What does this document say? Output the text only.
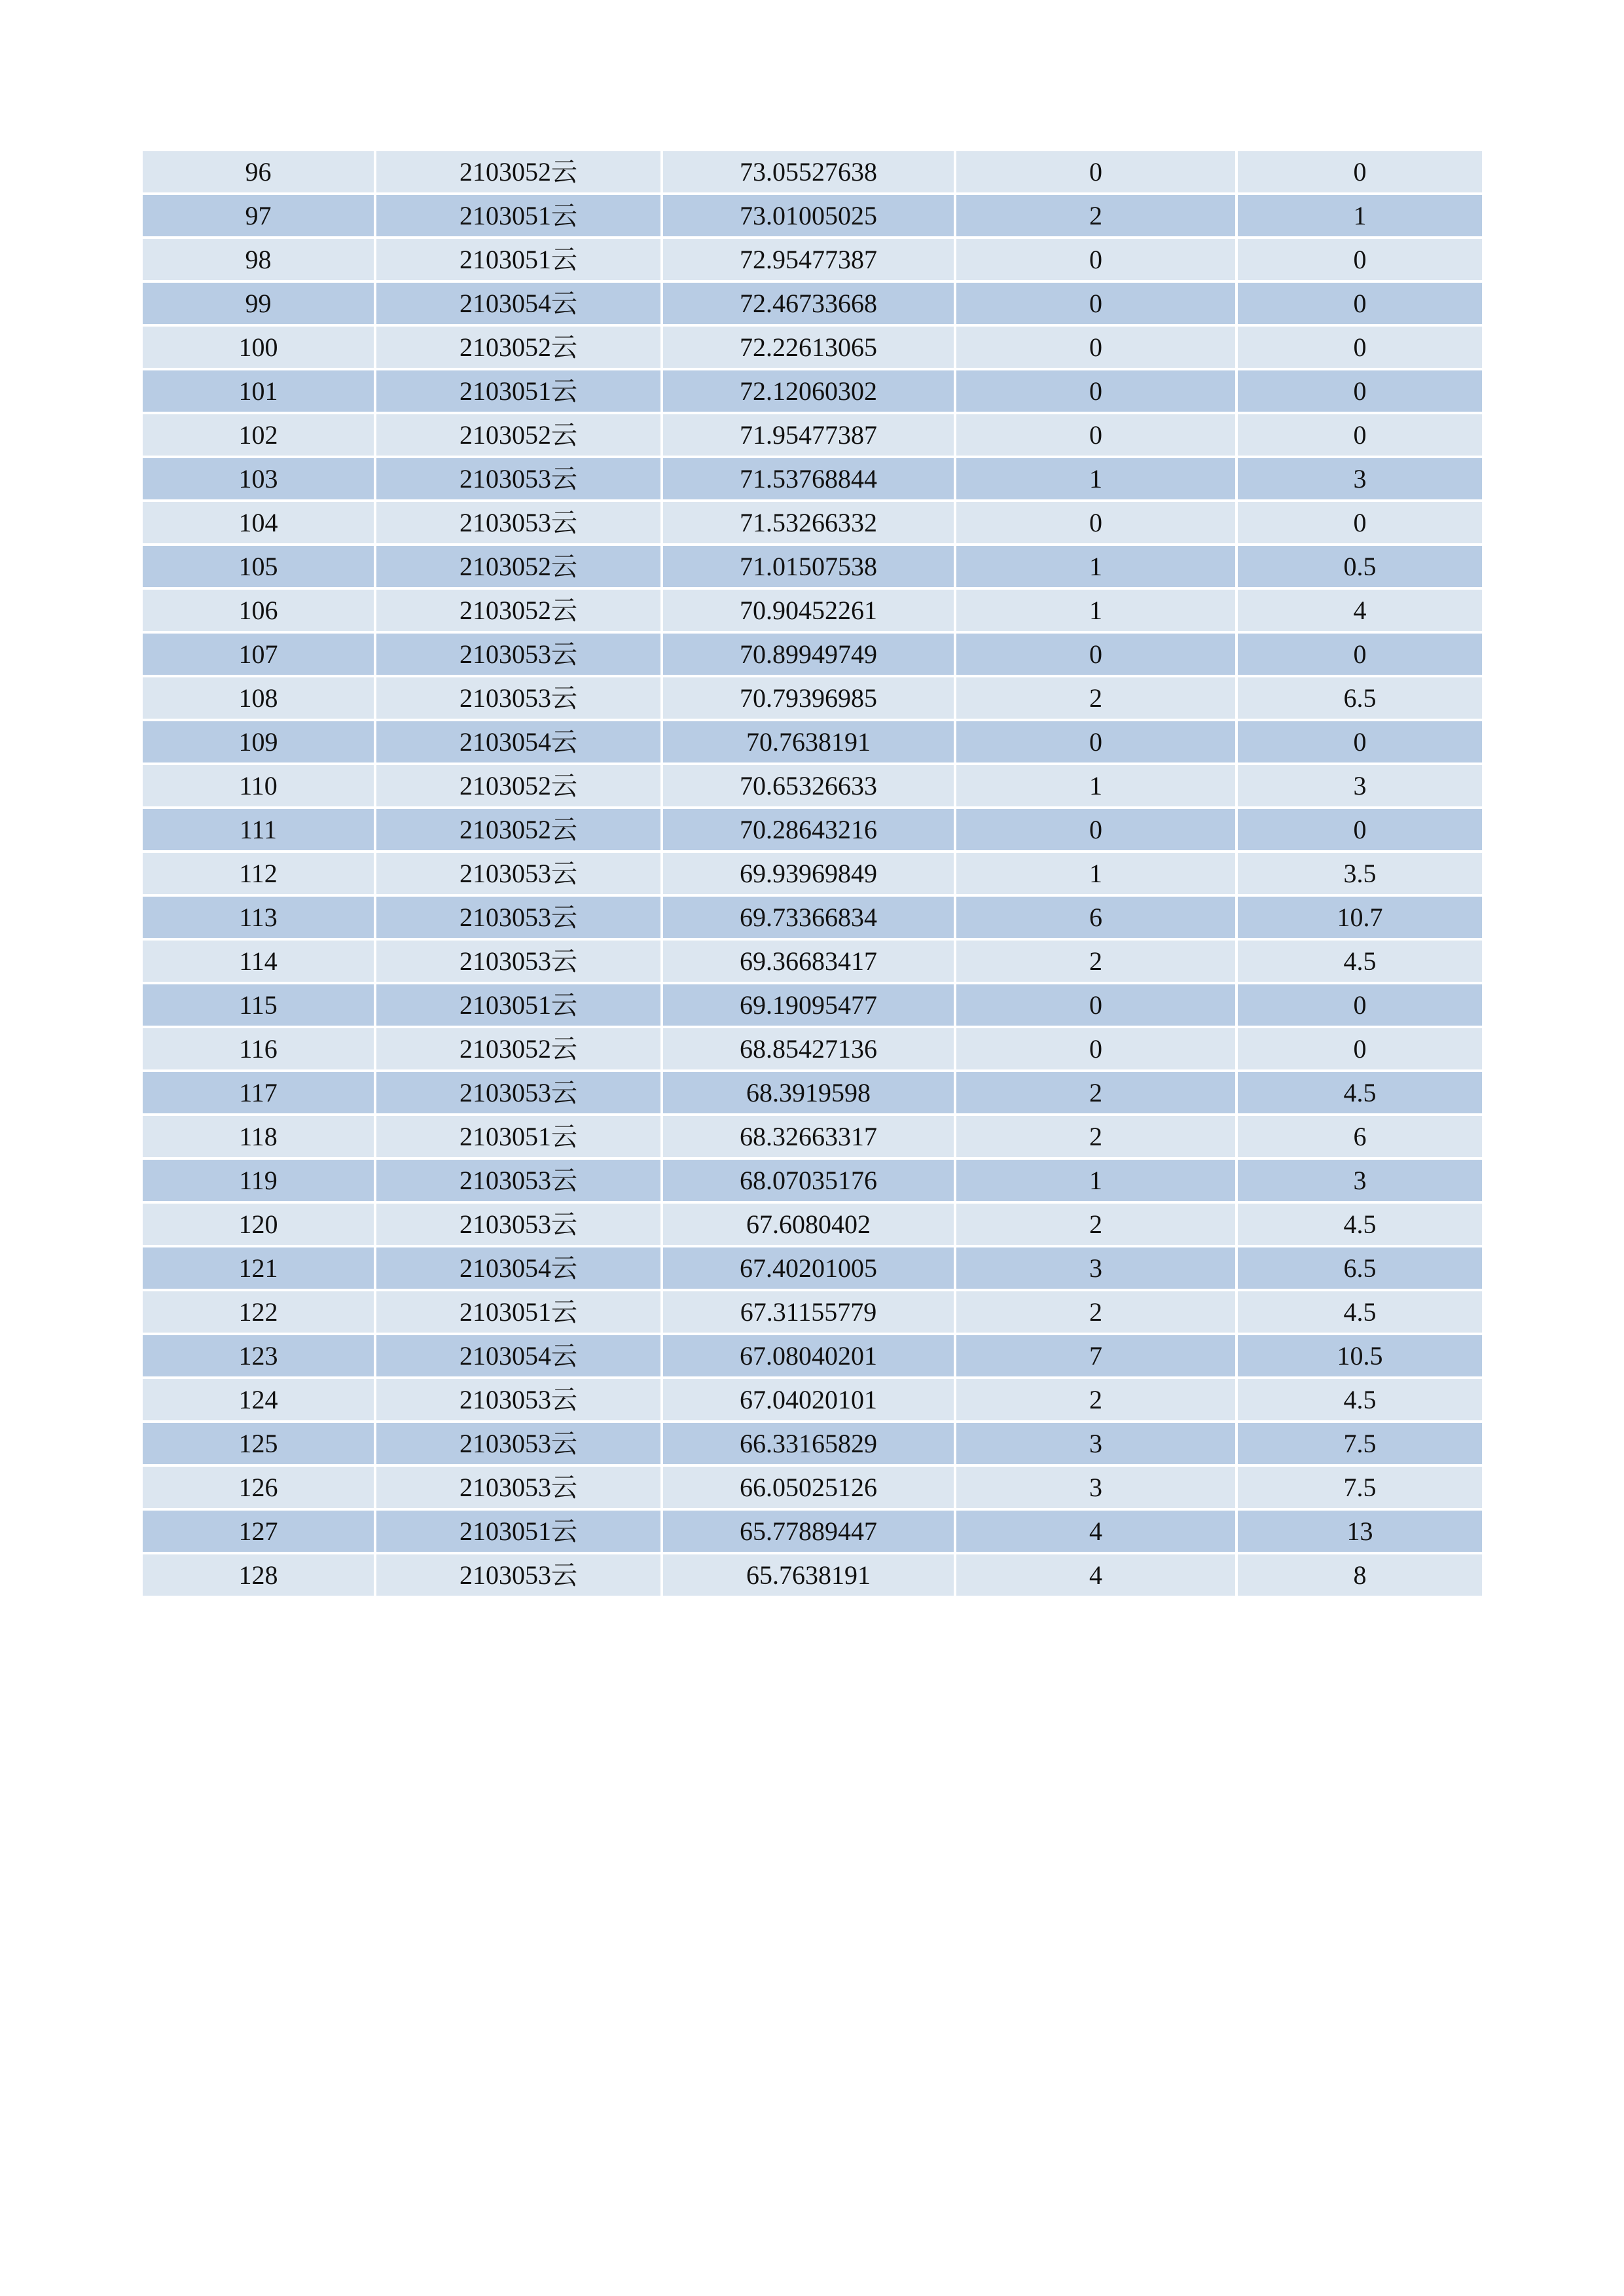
96	2103052云	73.05527638	0	0
97	2103051云	73.01005025	2	1
98	2103051云	72.95477387	0	0
99	2103054云	72.46733668	0	0
100	2103052云	72.22613065	0	0
101	2103051云	72.12060302	0	0
102	2103052云	71.95477387	0	0
103	2103053云	71.53768844	1	3
104	2103053云	71.53266332	0	0
105	2103052云	71.01507538	1	0.5
106	2103052云	70.90452261	1	4
107	2103053云	70.89949749	0	0
108	2103053云	70.79396985	2	6.5
109	2103054云	70.7638191	0	0
110	2103052云	70.65326633	1	3
111	2103052云	70.28643216	0	0
112	2103053云	69.93969849	1	3.5
113	2103053云	69.73366834	6	10.7
114	2103053云	69.36683417	2	4.5
115	2103051云	69.19095477	0	0
116	2103052云	68.85427136	0	0
117	2103053云	68.3919598	2	4.5
118	2103051云	68.32663317	2	6
119	2103053云	68.07035176	1	3
120	2103053云	67.6080402	2	4.5
121	2103054云	67.40201005	3	6.5
122	2103051云	67.31155779	2	4.5
123	2103054云	67.08040201	7	10.5
124	2103053云	67.04020101	2	4.5
125	2103053云	66.33165829	3	7.5
126	2103053云	66.05025126	3	7.5
127	2103051云	65.77889447	4	13
128	2103053云	65.7638191	4	8
